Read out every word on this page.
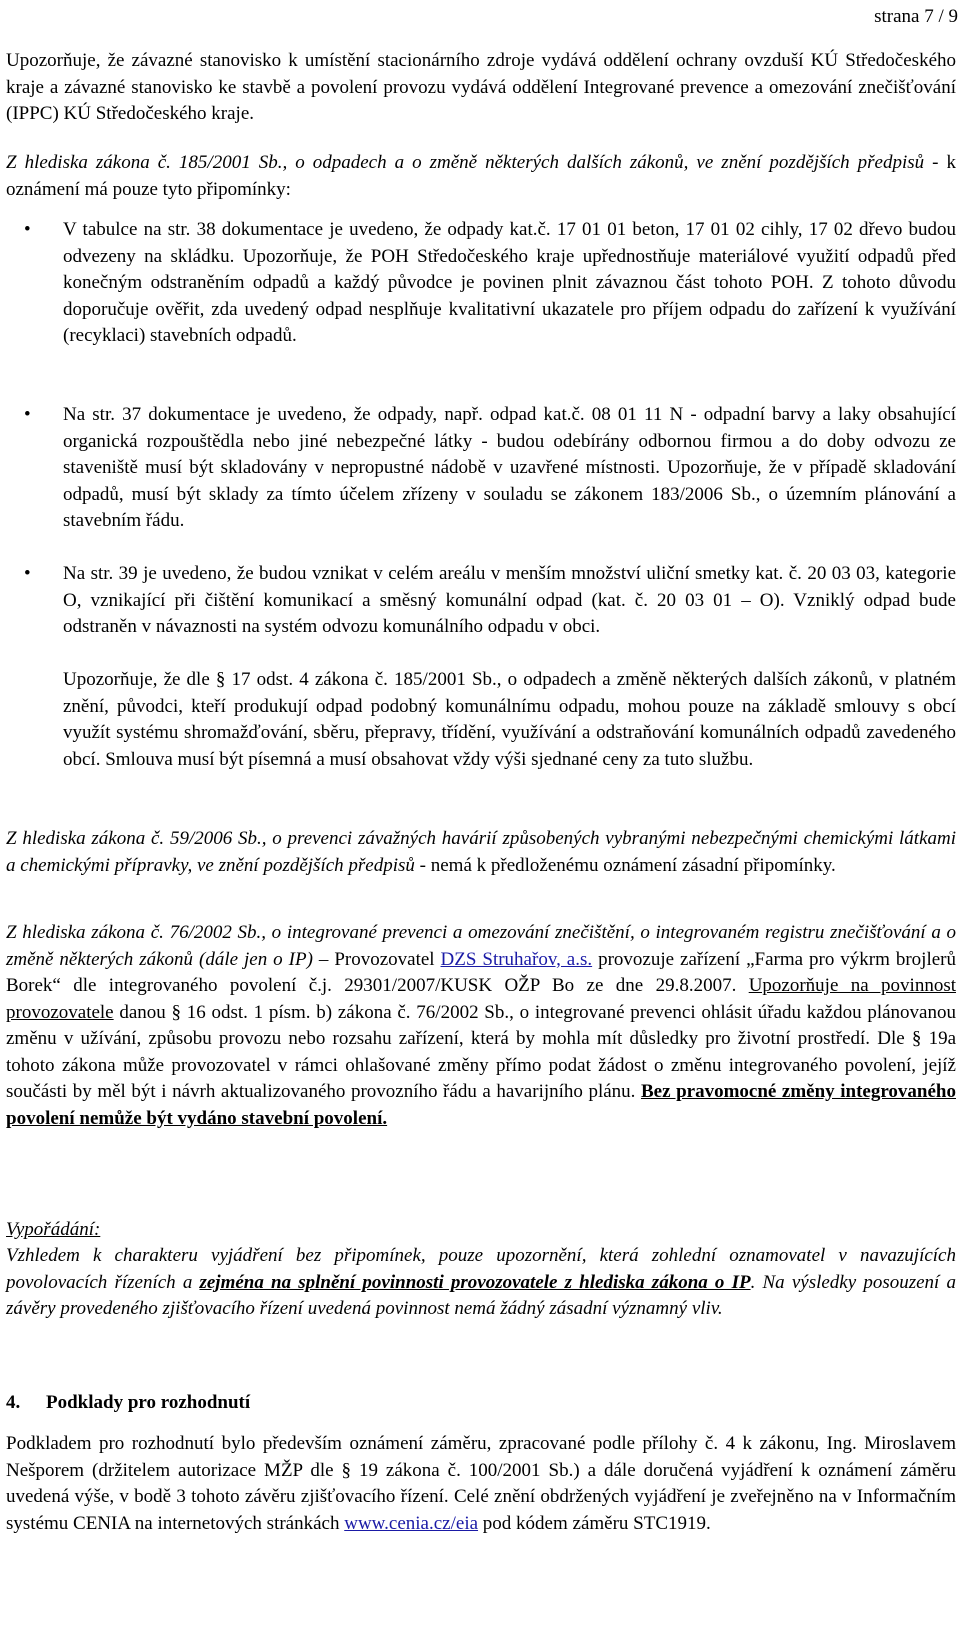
strana 7 / 9

Upozorňuje, že závazné stanovisko k umístění stacionárního zdroje vydává oddělení ochrany ovzduší KÚ Středočeského kraje a závazné stanovisko ke stavbě a povolení provozu vydává oddělení Integrované prevence a omezování znečišťování (IPPC) KÚ Středočeského kraje.

Z hlediska zákona č. 185/2001 Sb., o odpadech a o změně některých dalších zákonů, ve znění pozdějších předpisů - k oznámení má pouze tyto připomínky:

• V tabulce na str. 38 dokumentace je uvedeno, že odpady kat.č. 17 01 01 beton, 17 01 02 cihly, 17 02 dřevo budou odvezeny na skládku. Upozorňuje, že POH Středočeského kraje upřednostňuje materiálové využití odpadů před konečným odstraněním odpadů a každý původce je povinen plnit závaznou část tohoto POH. Z tohoto důvodu doporučuje ověřit, zda uvedený odpad nesplňuje kvalitativní ukazatele pro příjem odpadu do zařízení k využívání (recyklaci) stavebních odpadů.
• Na str. 37 dokumentace je uvedeno, že odpady, např. odpad kat.č. 08 01 11 N - odpadní barvy a laky obsahující organická rozpouštědla nebo jiné nebezpečné látky - budou odebírány odbornou firmou a do doby odvozu ze staveniště musí být skladovány v nepropustné nádobě v uzavřené místnosti. Upozorňuje, že v případě skladování odpadů, musí být sklady za tímto účelem zřízeny v souladu se zákonem 183/2006 Sb., o územním plánování a stavebním řádu.
• Na str. 39 je uvedeno, že budou vznikat v celém areálu v menším množství uliční smetky kat. č. 20 03 03, kategorie O, vznikající při čištění komunikací a směsný komunální odpad (kat. č. 20 03 01 – O). Vzniklý odpad bude odstraněn v návaznosti na systém odvozu komunálního odpadu v obci.

Upozorňuje, že dle § 17 odst. 4 zákona č. 185/2001 Sb., o odpadech a změně některých dalších zákonů, v platném znění, původci, kteří produkují odpad podobný komunálnímu odpadu, mohou pouze na základě smlouvy s obcí využít systému shromažďování, sběru, přepravy, třídění, využívání a odstraňování komunálních odpadů zavedeného obcí. Smlouva musí být písemná a musí obsahovat vždy výši sjednané ceny za tuto službu.

Z hlediska zákona č. 59/2006 Sb., o prevenci závažných havárií způsobených vybranými nebezpečnými chemickými látkami a chemickými přípravky, ve znění pozdějších předpisů - nemá k předloženému oznámení zásadní připomínky.

Z hlediska zákona č. 76/2002 Sb., o integrované prevenci a omezování znečištění, o integrovaném registru znečišťování a o změně některých zákonů (dále jen o IP) – Provozovatel DZS Struhařov, a.s. provozuje zařízení „Farma pro výkrm brojlerů Borek“ dle integrovaného povolení č.j. 29301/2007/KUSK OŽP Bo ze dne 29.8.2007. Upozorňuje na povinnost provozovatele danou § 16 odst. 1 písm. b) zákona č. 76/2002 Sb., o integrované prevenci ohlásit úřadu každou plánovanou změnu v užívání, způsobu provozu nebo rozsahu zařízení, která by mohla mít důsledky pro životní prostředí. Dle § 19a tohoto zákona může provozovatel v rámci ohlašované změny přímo podat žádost o změnu integrovaného povolení, jejíž součásti by měl být i návrh aktualizovaného provozního řádu a havarijního plánu. Bez pravomocné změny integrovaného povolení nemůže být vydáno stavební povolení.

Vypořádání:

Vzhledem k charakteru vyjádření bez připomínek, pouze upozornění, která zohlední oznamovatel v navazujících povolovacích řízeních a zejména na splnění povinnosti provozovatele z hlediska zákona o IP. Na výsledky posouzení a závěry provedeného zjišťovacího řízení uvedená povinnost nemá žádný zásadní významný vliv.

4. Podklady pro rozhodnutí

Podkladem pro rozhodnutí bylo především oznámení záměru, zpracované podle přílohy č. 4 k zákonu, Ing. Miroslavem Nešporem (držitelem autorizace MŽP dle § 19 zákona č. 100/2001 Sb.) a dále doručená vyjádření k oznámení záměru uvedená výše, v bodě 3 tohoto závěru zjišťovacího řízení. Celé znění obdržených vyjádření je zveřejněno na v Informačním systému CENIA na internetových stránkách www.cenia.cz/eia pod kódem záměru STC1919.
